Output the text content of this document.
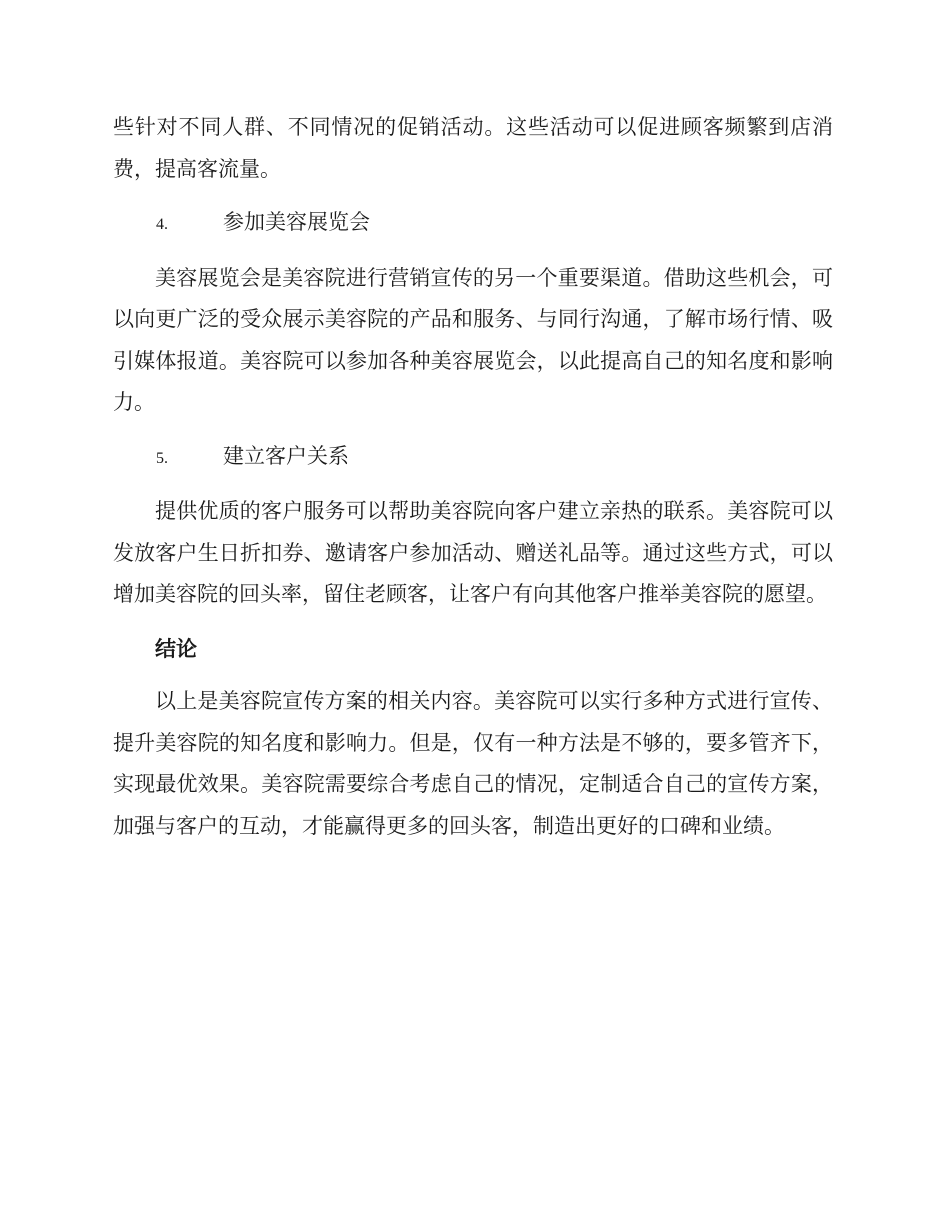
些针对不同人群、不同情况的促销活动。这些活动可以促进顾客频繁到店消费，提高客流量。

4.	参加美容展览会

美容展览会是美容院进行营销宣传的另一个重要渠道。借助这些机会，可以向更广泛的受众展示美容院的产品和服务、与同行沟通，了解市场行情、吸引媒体报道。美容院可以参加各种美容展览会，以此提高自己的知名度和影响力。

5.	建立客户关系

提供优质的客户服务可以帮助美容院向客户建立亲热的联系。美容院可以发放客户生日折扣券、邀请客户参加活动、赠送礼品等。通过这些方式，可以增加美容院的回头率，留住老顾客，让客户有向其他客户推举美容院的愿望。

结论

以上是美容院宣传方案的相关内容。美容院可以实行多种方式进行宣传、提升美容院的知名度和影响力。但是，仅有一种方法是不够的，要多管齐下，实现最优效果。美容院需要综合考虑自己的情况，定制适合自己的宣传方案，加强与客户的互动，才能赢得更多的回头客，制造出更好的口碑和业绩。
